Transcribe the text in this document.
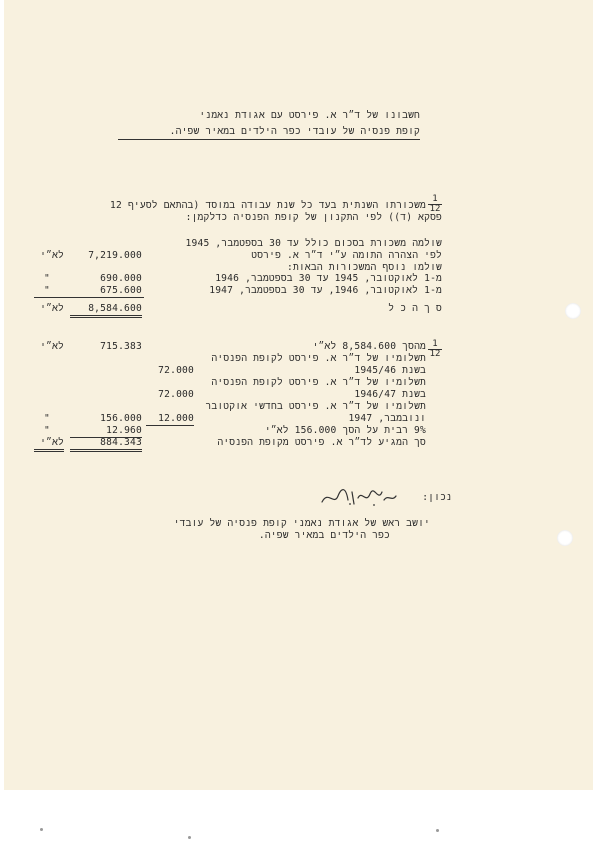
חשבונו של ד״ר א. פירסט עם אגודת נאמני
קופת פנסיה של עובדי כפר הילדים במאיר שפיה.
$\frac{1}{12}$
משכורתו השנתית בעד כל שנת עבודה במוסד (בהתאם לסעיף 12
פסקא (ד)) לפי התקנון של קופת הפנסיה כדלקמן:
שולמה משכורת בסכום כולל עד 30 בספטמבר, 1945
לפי הצהרה התומה ע״י ד״ר א. פירסט
7,219.000
לא״י
שולמו נוסף המשכורות הבאות:
מ-1 לאוקטובר, 1945 עד 30 בספטמבר, 1946
690.000
"
מ-1 לאוקטובר, 1946, עד 30 בספטמבר, 1947
675.600
"
ס ך ה כ ל
8,584.600
לא״י
$\frac{1}{12}$
מהסך 8,584.600 לא״י
715.383
לא״י
תשלומיו של ד״ר א. פירסט לקופת הפנסיה
בשנת 1945/46
72.000
תשלומיו של ד״ר א. פירסט לקופת הפנסיה
בשנת 1946/47
72.000
תשלומיו של ד״ר א. פירסט בחדשי אוקטובר
ונובמבר, 1947
12.000
156.000
"
9% רבית על הסך 156.000 לא״י
12.960
"
סך המגיע לד״ר א. פירסט מקופת הפנסיה
884.343
לא״י
נכון:
יושב ראש של אגודת נאמני קופת פנסיה של עובדי
כפר הילדים במאיר שפיה.
